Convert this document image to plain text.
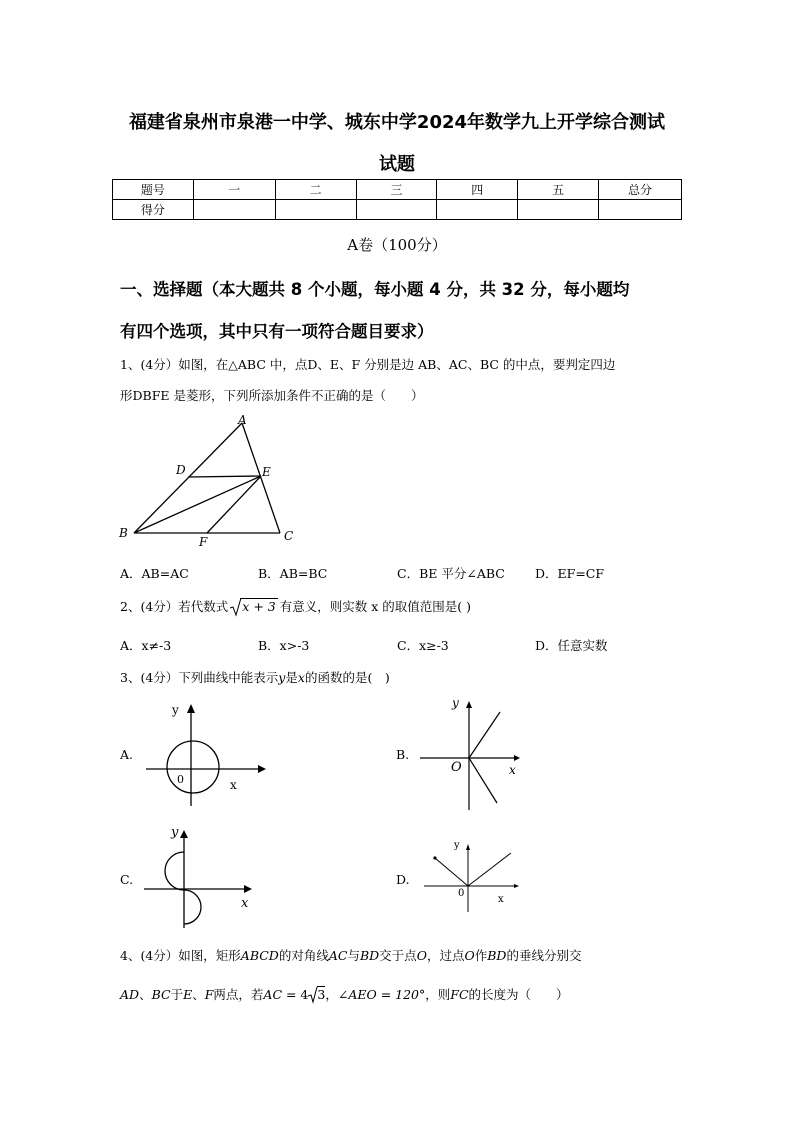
福建省泉州市泉港一中学、城东中学2024年数学九上开学综合测试
试题
题号	一	二	三	四	五	总分
得分						
A卷（100分）
一、选择题（本大题共 8 个小题，每小题 4 分，共 32 分，每小题均
有四个选项，其中只有一项符合题目要求）
1、(4分）如图，在△ABC 中，点D、E、F 分别是边 AB、AC、BC 的中点，要判定四边
形DBFE 是菱形，下列所添加条件不正确的是（　　）
A
B	C
D	E
F
A．AB=AC	B．AB=BC	C．BE 平分∠ABC D．EF=CF
2、(4分）若代数式 x + 3 有意义，则实数 x 的取值范围是( )
A．x≠-3	B．x>-3	C．x≥-3	D．任意实数
3、(4分）下列曲线中能表示y是x的函数的是(　)
A.
y
0	x
B.
y
O	x
C.
y
x
D.
y
0
x
4、(4分）如图，矩形ABCD的对角线AC与BD交于点O，过点O作BD的垂线分别交
AD、BC于E、F两点，若AC = 4 3，∠AEO = 120°，则FC的长度为（　　）
